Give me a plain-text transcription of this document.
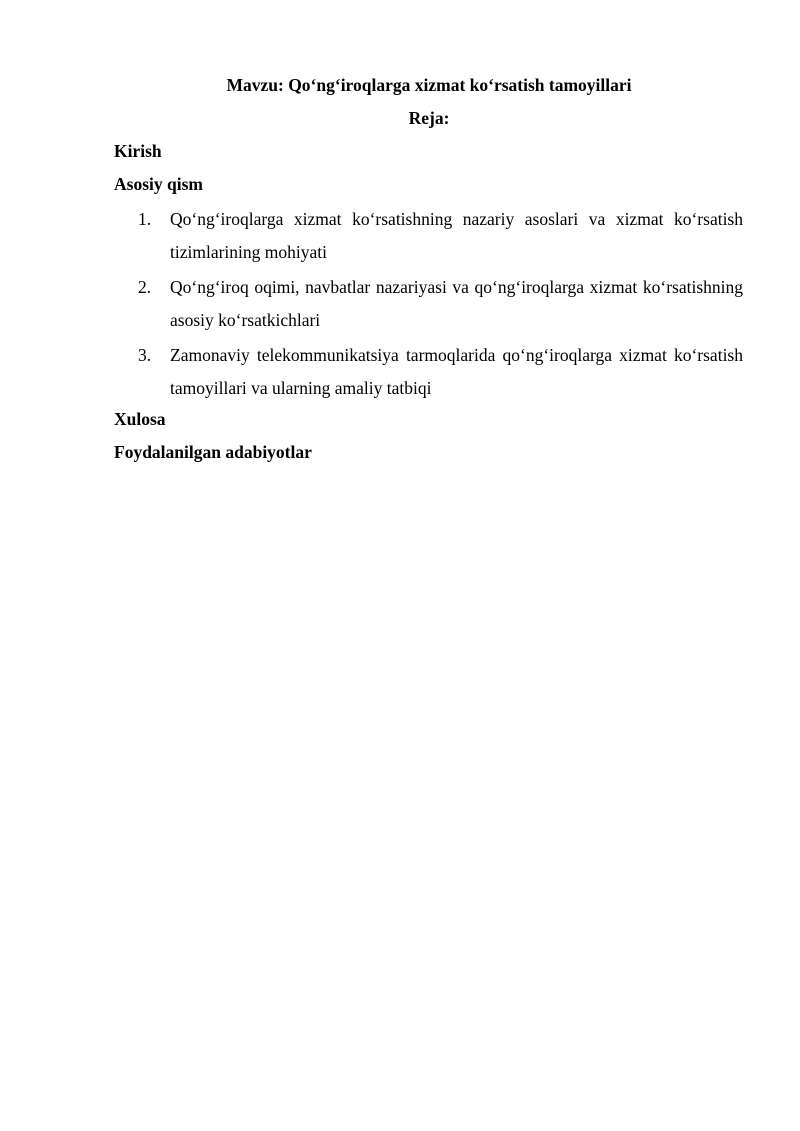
Mavzu: Qo‘ng‘iroqlarga xizmat ko‘rsatish tamoyillari

Reja:

Kirish

Asosiy qism

1.	Qo‘ng‘iroqlarga xizmat ko‘rsatishning nazariy asoslari va xizmat ko‘rsatish tizimlarining mohiyati
2.	Qo‘ng‘iroq oqimi, navbatlar nazariyasi va qo‘ng‘iroqlarga xizmat ko‘rsatishning asosiy ko‘rsatkichlari
3.	Zamonaviy telekommunikatsiya tarmoqlarida qo‘ng‘iroqlarga xizmat ko‘rsatish tamoyillari va ularning amaliy tatbiqi

Xulosa

Foydalanilgan adabiyotlar
